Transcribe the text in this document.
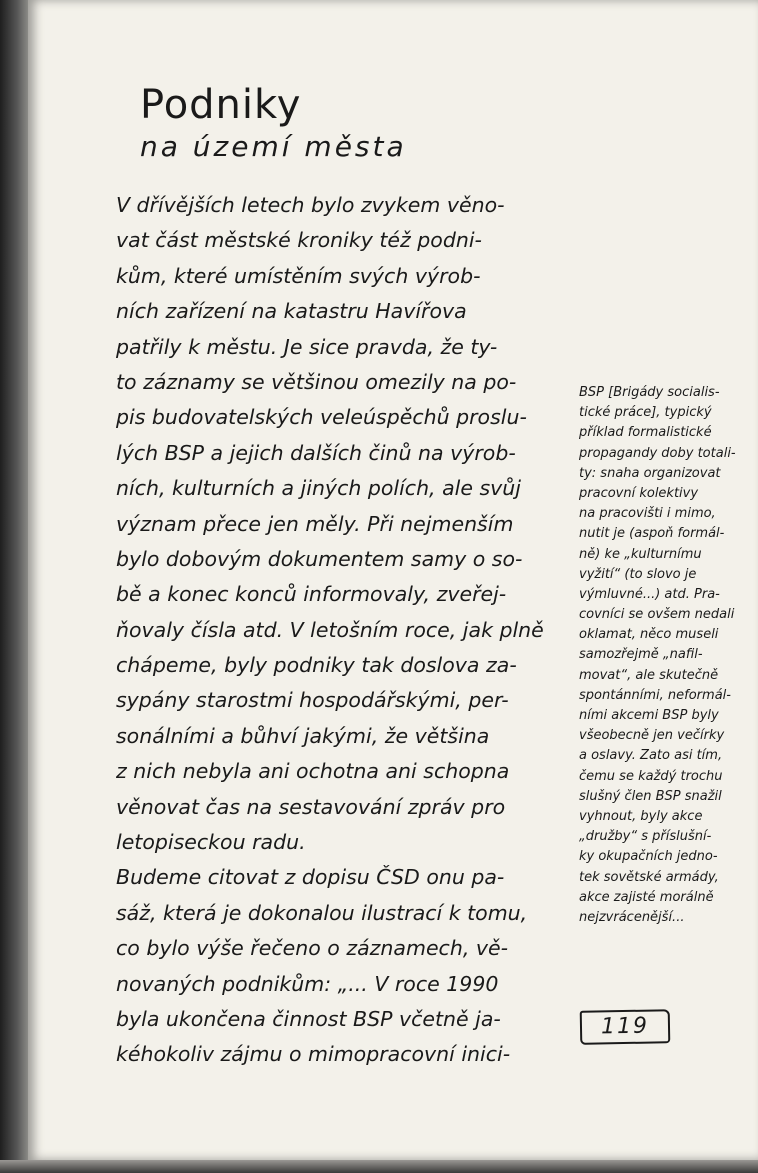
Podniky
na území města
V dřívějších letech bylo zvykem věno-
vat část městské kroniky též podni-
kům, které umístěním svých výrob-
ních zařízení na katastru Havířova
patřily k městu. Je sice pravda, že ty-
to záznamy se většinou omezily na po-
pis budovatelských veleúspěchů proslu-
lých BSP a jejich dalších činů na výrob-
ních, kulturních a jiných polích, ale svůj
význam přece jen měly. Při nejmenším
bylo dobovým dokumentem samy o so-
bě a konec konců informovaly, zveřej-
ňovaly čísla atd. V letošním roce, jak plně
chápeme, byly podniky tak doslova za-
sypány starostmi hospodářskými, per-
sonálními a bůhví jakými, že většina
z nich nebyla ani ochotna ani schopna
věnovat čas na sestavování zpráv pro
letopiseckou radu.
Budeme citovat z dopisu ČSD onu pa-
sáž, která je dokonalou ilustrací k tomu,
co bylo výše řečeno o záznamech, vě-
novaných podnikům: „... V roce 1990
byla ukončena činnost BSP včetně ja-
kéhokoliv zájmu o mimopracovní inici-
BSP [Brigády socialis-
tické práce], typický
příklad formalistické
propagandy doby totali-
ty: snaha organizovat
pracovní kolektivy
na pracovišti i mimo,
nutit je (aspoň formál-
ně) ke „kulturnímu
vyžití“ (to slovo je
výmluvné...) atd. Pra-
covníci se ovšem nedali
oklamat, něco museli
samozřejmě „nafil-
movat“, ale skutečně
spontánními, neformál-
ními akcemi BSP byly
všeobecně jen večírky
a oslavy. Zato asi tím,
čemu se každý trochu
slušný člen BSP snažil
vyhnout, byly akce
„družby“ s příslušní-
ky okupačních jedno-
tek sovětské armády,
akce zajisté morálně
nejzvrácenější...
119
